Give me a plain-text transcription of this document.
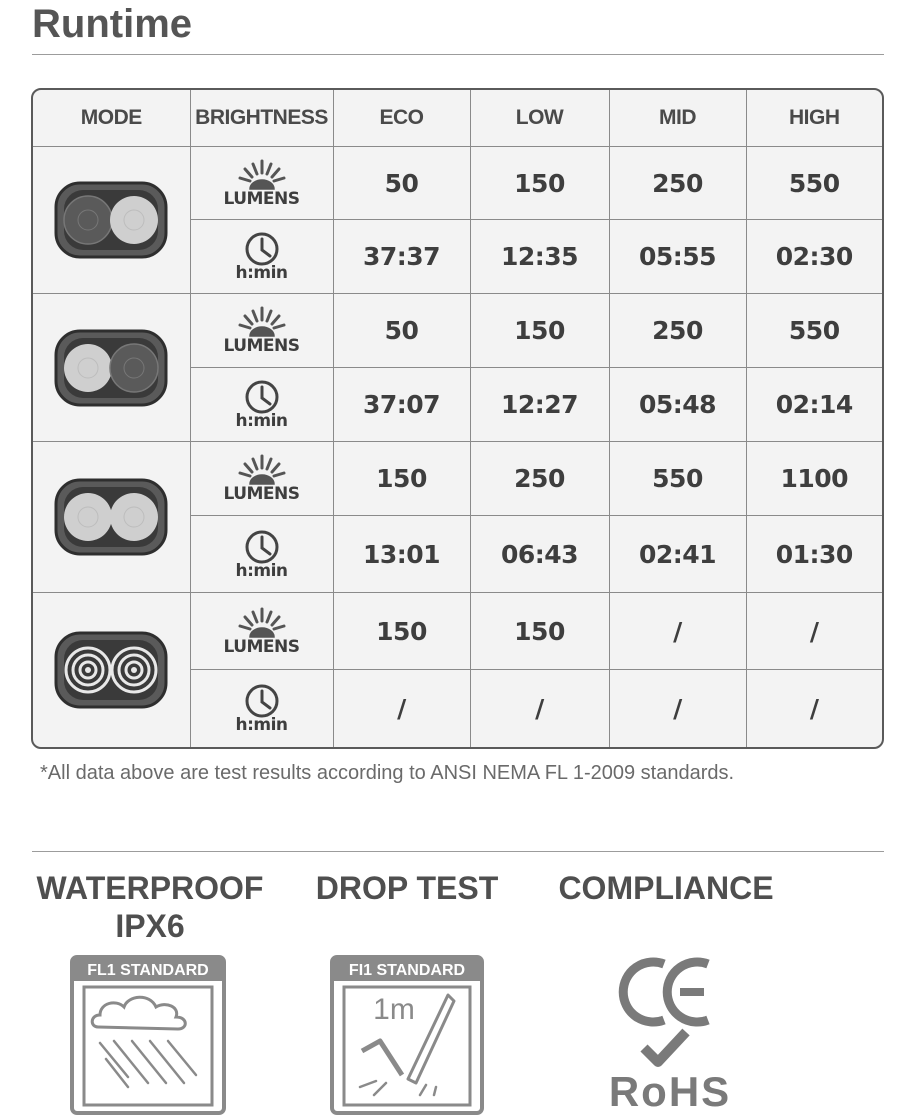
Runtime
MODE	BRIGHTNESS	ECO	LOW	MID	HIGH

LUMENS	50	150	250	550

	h:min	37:37	12:35	05:55	02:30

LUMENS	50	150	250	550

	h:min	37:07	12:27	05:48	02:14

LUMENS	150	250	550	1100

	h:min	13:01	06:43	02:41	01:30

LUMENS	150	150	/	/

	h:min	/	/	/	/

*All data above are test results according to ANSI NEMA FL 1-2009 standards.

WATERPROOF
IPX6
FL1 STANDARD
DROP TEST
FI1 STANDARD
1m
COMPLIANCE
RoHS
